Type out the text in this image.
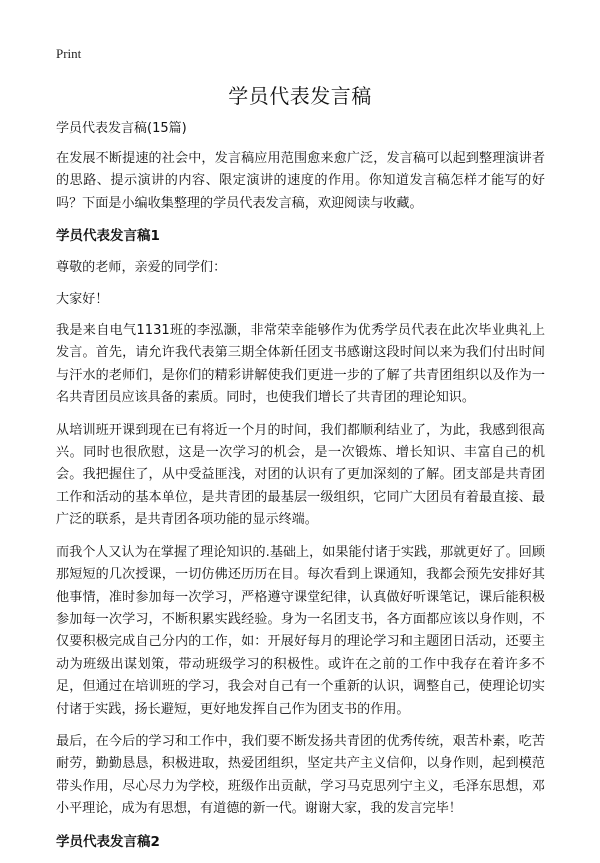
Print
学员代表发言稿

学员代表发言稿(15篇)

在发展不断提速的社会中，发言稿应用范围愈来愈广泛，发言稿可以起到整理演讲者的思路、提示演讲的内容、限定演讲的速度的作用。你知道发言稿怎样才能写的好吗？下面是小编收集整理的学员代表发言稿，欢迎阅读与收藏。

学员代表发言稿1

尊敬的老师，亲爱的同学们：

大家好！

我是来自电气1131班的李泓灏，非常荣幸能够作为优秀学员代表在此次毕业典礼上发言。首先，请允许我代表第三期全体新任团支书感谢这段时间以来为我们付出时间与汗水的老师们，是你们的精彩讲解使我们更进一步的了解了共青团组织以及作为一名共青团员应该具备的素质。同时，也使我们增长了共青团的理论知识。

从培训班开课到现在已有将近一个月的时间，我们都顺利结业了，为此，我感到很高兴。同时也很欣慰，这是一次学习的机会，是一次锻炼、增长知识、丰富自己的机会。我把握住了，从中受益匪浅，对团的认识有了更加深刻的了解。团支部是共青团工作和活动的基本单位，是共青团的最基层一级组织，它同广大团员有着最直接、最广泛的联系，是共青团各项功能的显示终端。

而我个人又认为在掌握了理论知识的.基础上，如果能付诸于实践，那就更好了。回顾那短短的几次授课，一切仿佛还历历在目。每次看到上课通知，我都会预先安排好其他事情，准时参加每一次学习，严格遵守课堂纪律，认真做好听课笔记，课后能积极参加每一次学习，不断积累实践经验。身为一名团支书，各方面都应该以身作则，不仅要积极完成自己分内的工作，如：开展好每月的理论学习和主题团日活动，还要主动为班级出谋划策，带动班级学习的积极性。或许在之前的工作中我存在着许多不足，但通过在培训班的学习，我会对自己有一个重新的认识，调整自己，使理论切实付诸于实践，扬长避短，更好地发挥自己作为团支书的作用。

最后，在今后的学习和工作中，我们要不断发扬共青团的优秀传统，艰苦朴素，吃苦耐劳，勤勤恳恳，积极进取，热爱团组织，坚定共产主义信仰，以身作则，起到模范带头作用，尽心尽力为学校，班级作出贡献，学习马克思列宁主义，毛泽东思想，邓小平理论，成为有思想，有道德的新一代。谢谢大家，我的发言完毕！

学员代表发言稿2
